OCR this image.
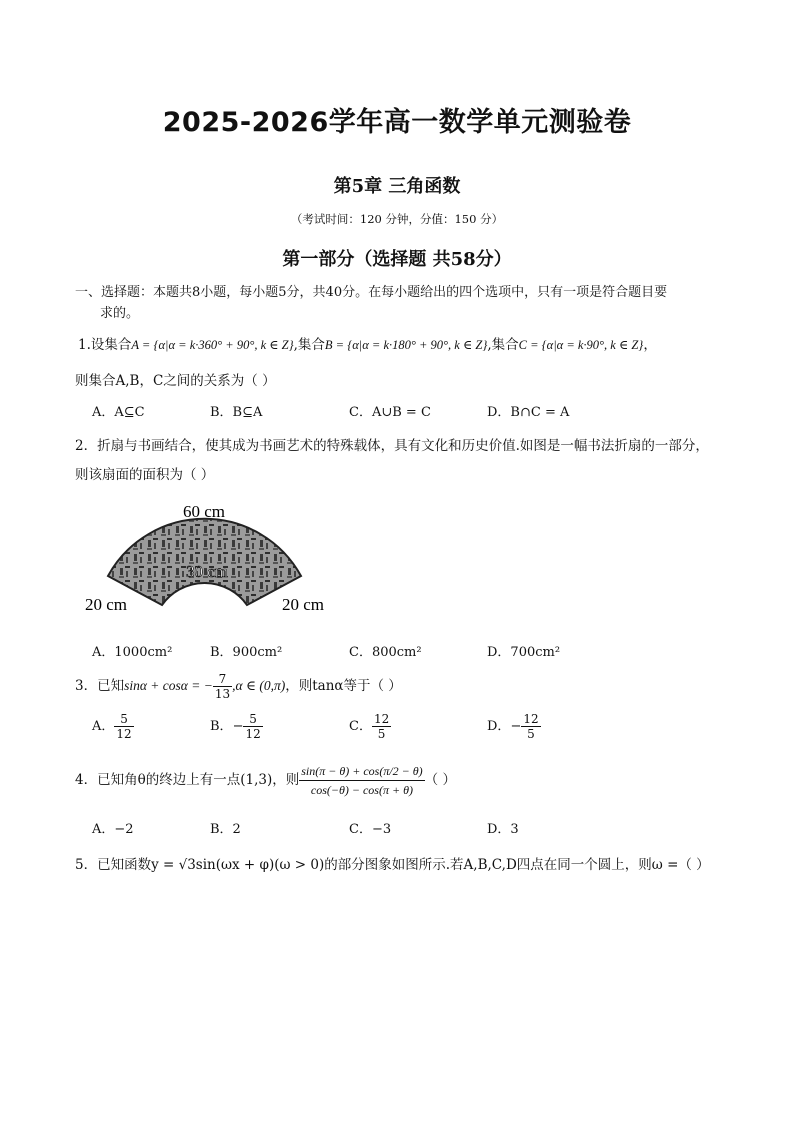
2025-2026学年高一数学单元测验卷
第5章 三角函数
（考试时间：120 分钟，分值：150 分）
第一部分（选择题 共58分）
一、选择题：本题共8小题，每小题5分，共40分。在每小题给出的四个选项中，只有一项是符合题目要
求的。
1.设集合A = {α|α = k·360° + 90°, k ∈ Z},集合B = {α|α = k·180° + 90°, k ∈ Z},集合C = {α|α = k·90°, k ∈ Z}，
则集合A,B，C之间的关系为（ ）
A．A⊆C	B．B⊆A	C．A∪B = C	D．B∩C = A
2．折扇与书画结合，使其成为书画艺术的特殊载体，具有文化和历史价值.如图是一幅书法折扇的一部分，
则该扇面的面积为（ ）
60 cm
30 cm
20 cm	20 cm
A．1000cm²	B．900cm²	C．800cm²	D．700cm²
3．已知sinα + cosα = − $\frac{7}{13} ,\alpha$ ∈ (0,π)，则tanα等于（ ）
A． $\frac{5}{12}$	B．− $\frac{5}{12}$	C． $\frac{12}{5}$	D．− $\frac{12}{5}$
4．已知角θ的终边上有一点(1,3)，则 $\frac{\sin(\pi - \theta) + \cos(\pi/2 - \theta)}{\cos(-\theta) - \cos(\pi + \theta)}$ （ ）
A．−2	B．2	C．−3	D．3
5．已知函数y = √3sin(ωx + φ)(ω > 0)的部分图象如图所示.若A,B,C,D四点在同一个圆上，则ω =（ ）
